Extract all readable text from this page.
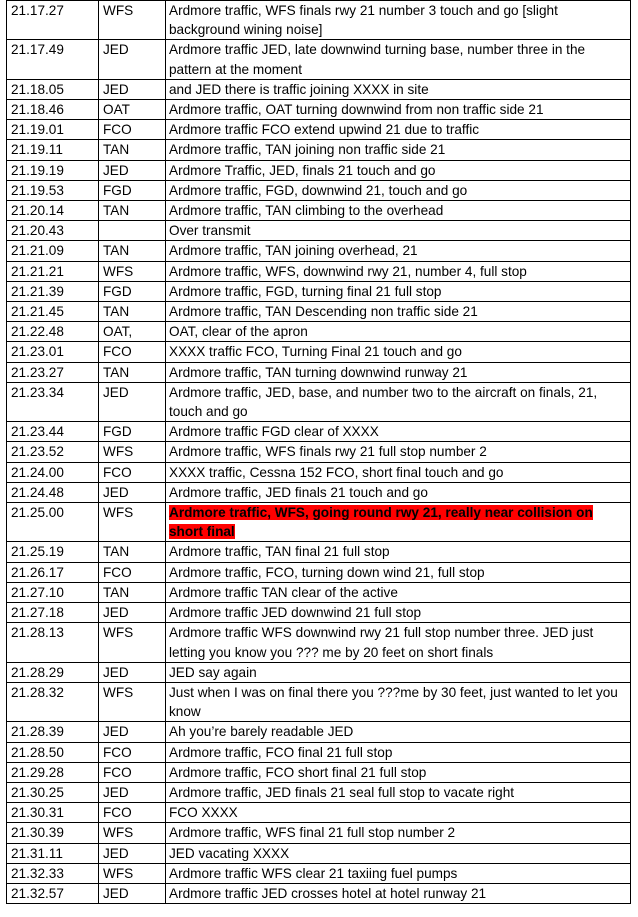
21.17.27	WFS	Ardmore traffic, WFS finals rwy 21 number 3 touch and go [slight background wining noise]
21.17.49	JED	Ardmore traffic JED, late downwind turning base, number three in the pattern at the moment
21.18.05	JED	and JED there is traffic joining XXXX in site
21.18.46	OAT	Ardmore traffic, OAT turning downwind from non traffic side 21
21.19.01	FCO	Ardmore traffic FCO extend upwind 21 due to traffic
21.19.11	TAN	Ardmore traffic, TAN joining non traffic side 21
21.19.19	JED	Ardmore Traffic, JED, finals 21 touch and go
21.19.53	FGD	Ardmore traffic, FGD, downwind 21, touch and go
21.20.14	TAN	Ardmore traffic, TAN climbing to the overhead
21.20.43		Over transmit
21.21.09	TAN	Ardmore traffic, TAN joining overhead, 21
21.21.21	WFS	Ardmore traffic, WFS, downwind rwy 21, number 4, full stop
21.21.39	FGD	Ardmore traffic, FGD, turning final 21 full stop
21.21.45	TAN	Ardmore traffic, TAN Descending non traffic side 21
21.22.48	OAT,	OAT, clear of the apron
21.23.01	FCO	XXXX traffic FCO, Turning Final 21 touch and go
21.23.27	TAN	Ardmore traffic, TAN turning downwind runway 21
21.23.34	JED	Ardmore traffic, JED, base, and number two to the aircraft on finals, 21, touch and go
21.23.44	FGD	Ardmore traffic FGD clear of XXXX
21.23.52	WFS	Ardmore traffic, WFS finals rwy 21 full stop number 2
21.24.00	FCO	XXXX traffic, Cessna 152 FCO, short final touch and go
21.24.48	JED	Ardmore traffic, JED finals 21 touch and go
21.25.00	WFS	Ardmore traffic, WFS, going round rwy 21, really near collision on short final
21.25.19	TAN	Ardmore traffic, TAN final 21 full stop
21.26.17	FCO	Ardmore traffic, FCO, turning down wind 21, full stop
21.27.10	TAN	Ardmore traffic TAN clear of the active
21.27.18	JED	Ardmore traffic JED downwind 21 full stop
21.28.13	WFS	Ardmore traffic WFS downwind rwy 21 full stop number three. JED just letting you know you ??? me by 20 feet on short finals
21.28.29	JED	JED say again
21.28.32	WFS	Just when I was on final there you ???me by 30 feet, just wanted to let you know
21.28.39	JED	Ah you’re barely readable JED
21.28.50	FCO	Ardmore traffic, FCO final 21 full stop
21.29.28	FCO	Ardmore traffic, FCO short final 21 full stop
21.30.25	JED	Ardmore traffic, JED finals 21 seal full stop to vacate right
21.30.31	FCO	FCO XXXX
21.30.39	WFS	Ardmore traffic, WFS final 21 full stop number 2
21.31.11	JED	JED vacating XXXX
21.32.33	WFS	Ardmore traffic WFS clear 21 taxiing fuel pumps
21.32.57	JED	Ardmore traffic JED crosses hotel at hotel runway 21
